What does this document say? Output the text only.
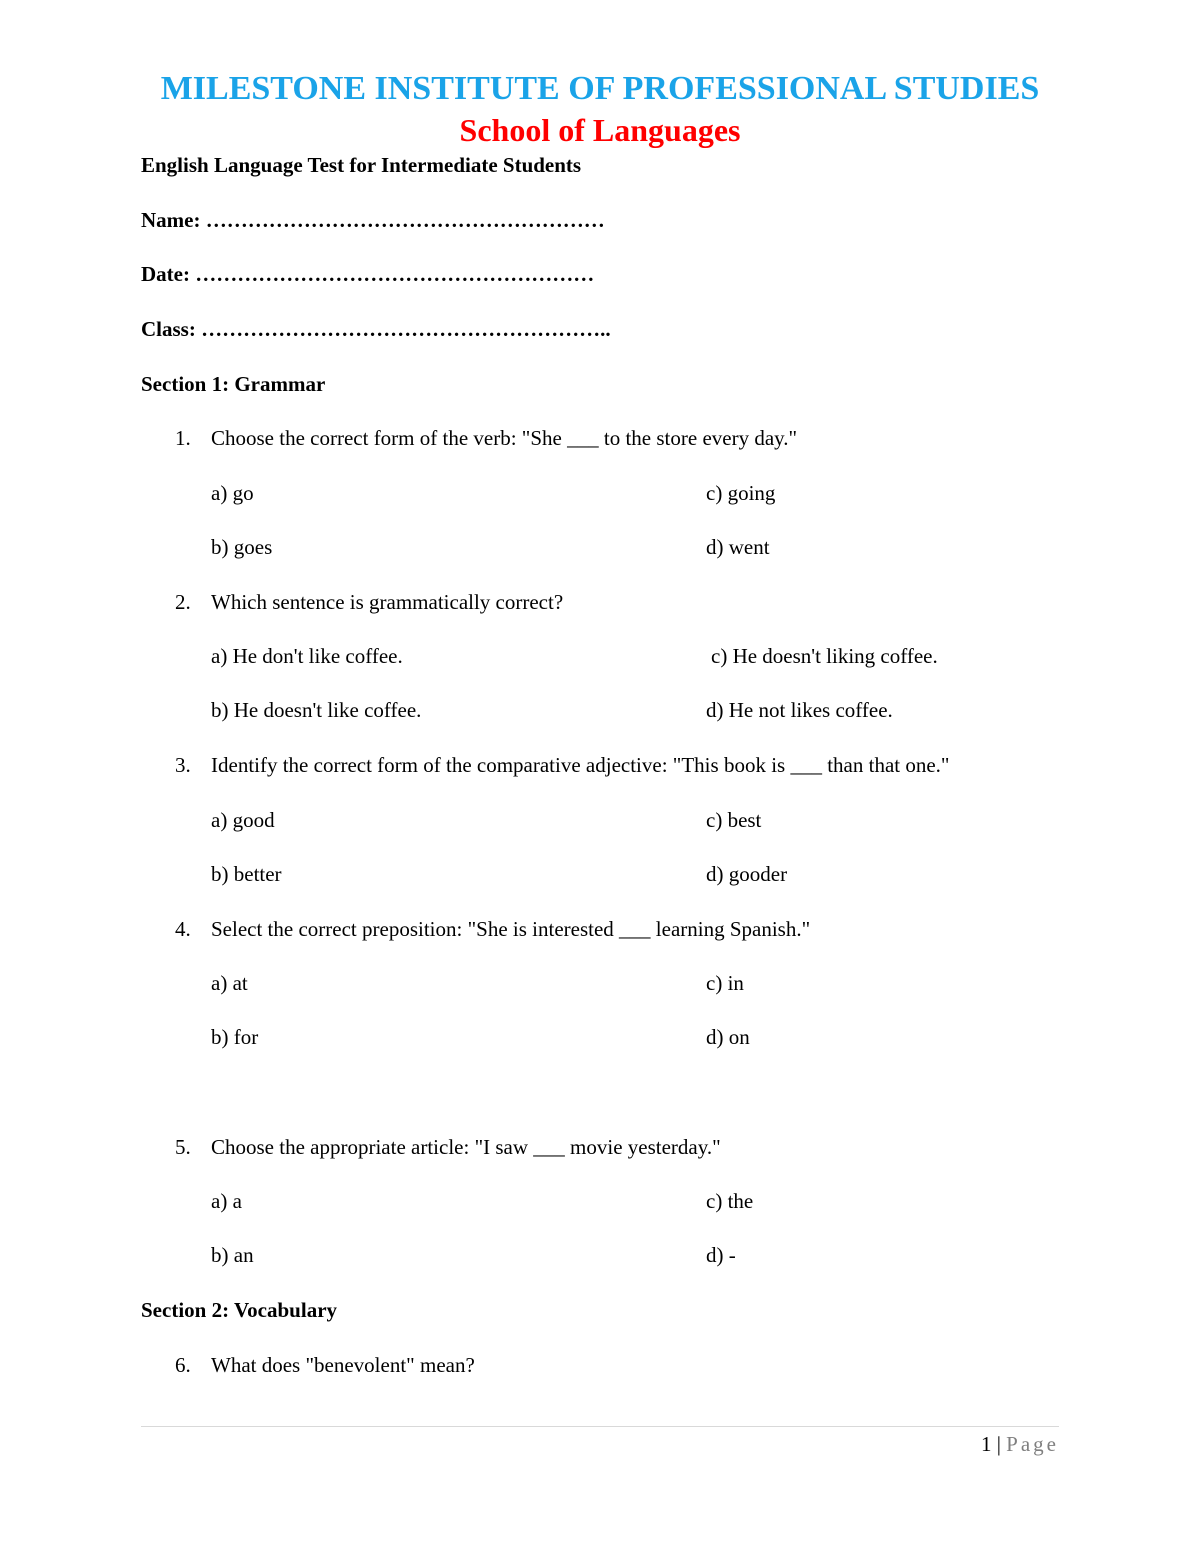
MILESTONE INSTITUTE OF PROFESSIONAL STUDIES
School of Languages
English Language Test for Intermediate Students
Name: …………………………………………………
Date: …………………………………………………
Class: …………………………………………………..
Section 1: Grammar
1. Choose the correct form of the verb: "She ___ to the store every day."
a) go	c) going
b) goes	d) went
2. Which sentence is grammatically correct?
a) He don't like coffee.	c) He doesn't liking coffee.
b) He doesn't like coffee.	d) He not likes coffee.
3. Identify the correct form of the comparative adjective: "This book is ___ than that one."
a) good	c) best
b) better	d) gooder
4. Select the correct preposition: "She is interested ___ learning Spanish."
a) at	c) in
b) for	d) on
5. Choose the appropriate article: "I saw ___ movie yesterday."
a) a	c) the
b) an	d) -
Section 2: Vocabulary
6. What does "benevolent" mean?
1 | Page
